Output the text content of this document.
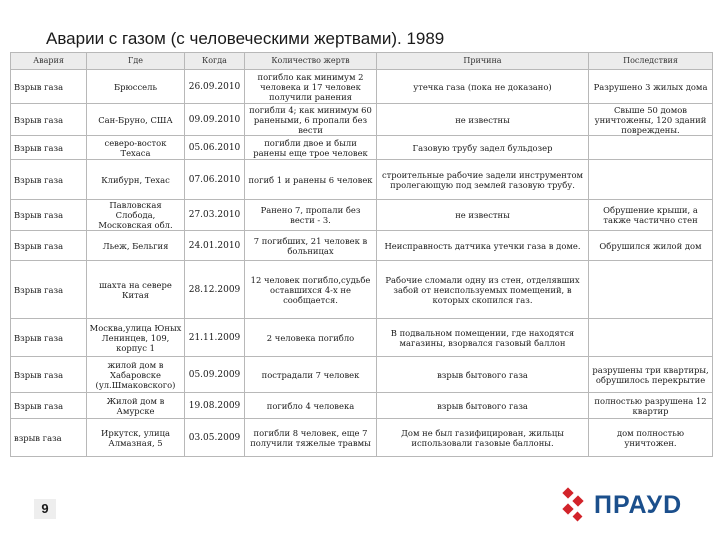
Аварии с газом (с человеческими жертвами). 1989
Авария	Где	Когда	Количество жертв	Причина	Последствия
Взрыв газа	Брюссель	26.09.2010	погибло как минимум 2 человека и 17 человек получили ранения	утечка газа (пока не доказано)	Разрушено 3 жилых дома
Взрыв газа	Сан-Бруно, США	09.09.2010	погибли 4; как минимум 60 ранеными, 6 пропали без вести	не известны	Свыше 50 домов уничтожены, 120 зданий повреждены.
Взрыв газа	северо-восток Техаса	05.06.2010	погибли двое и были ранены еще трое человек	Газовую трубу задел бульдозер	
Взрыв газа	Клибурн, Техас	07.06.2010	погиб 1 и ранены 6 человек	строительные рабочие задели инструментом пролегающую под землей газовую трубу.	
Взрыв газа	Павловская Слобода, Московская обл.	27.03.2010	Ранено 7, пропали без вести - 3.	не известны	Обрушение крыши, а также частично стен
Взрыв газа	Льеж, Бельгия	24.01.2010	7 погибших, 21 человек в больницах	Неисправность датчика утечки газа в доме.	Обрушился жилой дом
Взрыв газа	шахта на севере Китая	28.12.2009	12 человек погибло,судьбе оставшихся 4-х не сообщается.	Рабочие сломали одну из стен, отделявших забой от неиспользуемых помещений, в которых скопился газ.	
Взрыв газа	Москва,улица Юных Ленинцев, 109, корпус 1	21.11.2009	2 человека погибло	В подвальном помещении, где находятся магазины, взорвался газовый баллон	
Взрыв газа	жилой дом в Хабаровске (ул.Шмаковского)	05.09.2009	пострадали 7 человек	взрыв бытового газа	разрушены три квартиры, обрушилось перекрытие
Взрыв газа	Жилой дом в Амурске	19.08.2009	погибло 4 человека	взрыв бытового газа	полностью разрушена 12 квартир
взрыв газа	Иркутск, улица Алмазная, 5	03.05.2009	погибли 8 человек, еще 7 получили тяжелые травмы	Дом не был газифицирован, жильцы использовали газовые баллоны.	дом полностью уничтожен.
9	ПРАУD
